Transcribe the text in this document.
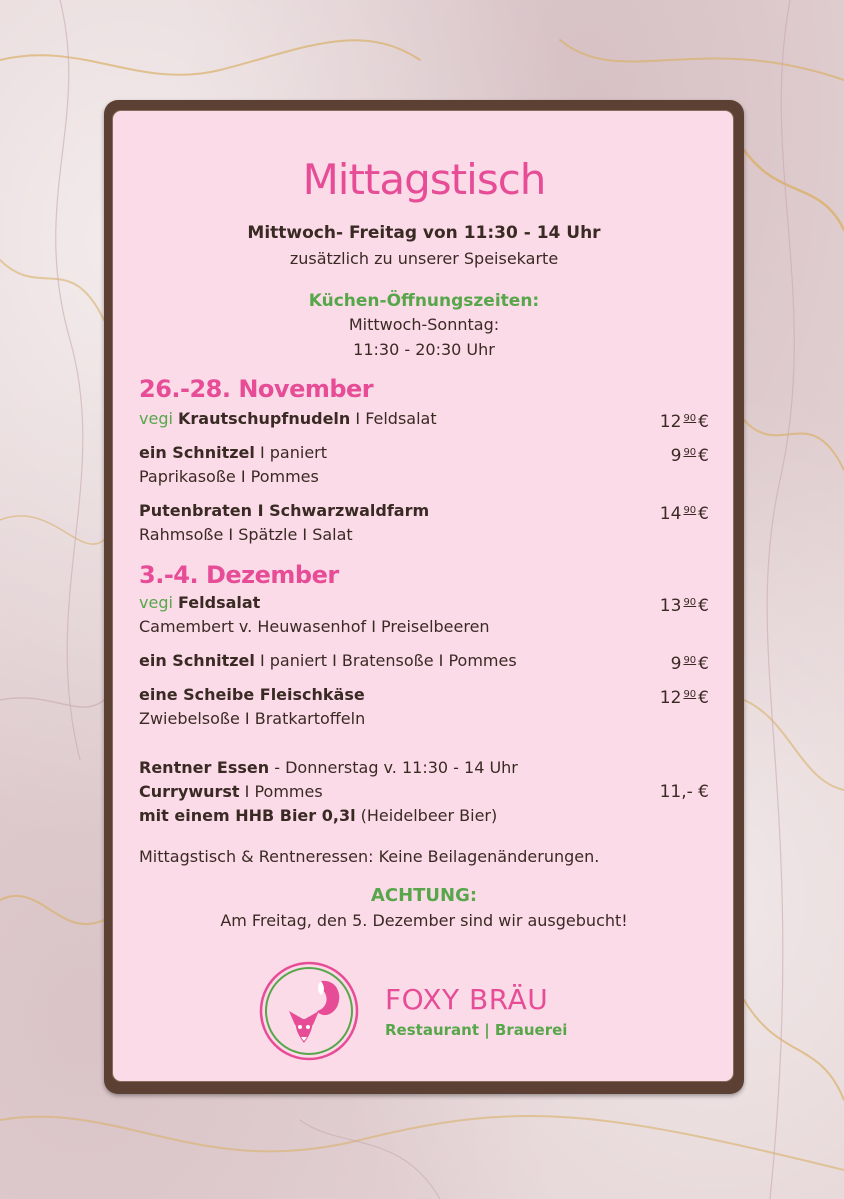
Mittagstisch
Mittwoch- Freitag von 11:30 - 14 Uhr
zusätzlich zu unserer Speisekarte
Küchen-Öffnungszeiten:
Mittwoch-Sonntag:
11:30 - 20:30 Uhr
26.-28. November
vegi Krautschupfnudeln I Feldsalat	12 $^{90}$ €
ein Schnitzel I paniert
Paprikasoße I Pommes
9 $^{90}$ €
Putenbraten I Schwarzwaldfarm
Rahmsoße I Spätzle I Salat
14 $^{90}$ €
3.-4. Dezember
vegi Feldsalat
Camembert v. Heuwasenhof I Preiselbeeren
13 $^{90}$ €
ein Schnitzel I paniert I Bratensoße I Pommes	9 $^{90}$ €
eine Scheibe Fleischkäse
Zwiebelsoße I Bratkartoffeln
12 $^{90}$ €
Rentner Essen - Donnerstag v. 11:30 - 14 Uhr
Currywurst I Pommes
mit einem HHB Bier 0,3l (Heidelbeer Bier)
11,- €
Mittagstisch & Rentneressen: Keine Beilagenänderungen.
ACHTUNG:
Am Freitag, den 5. Dezember sind wir ausgebucht!
FOXY BRÄU
Restaurant | Brauerei
